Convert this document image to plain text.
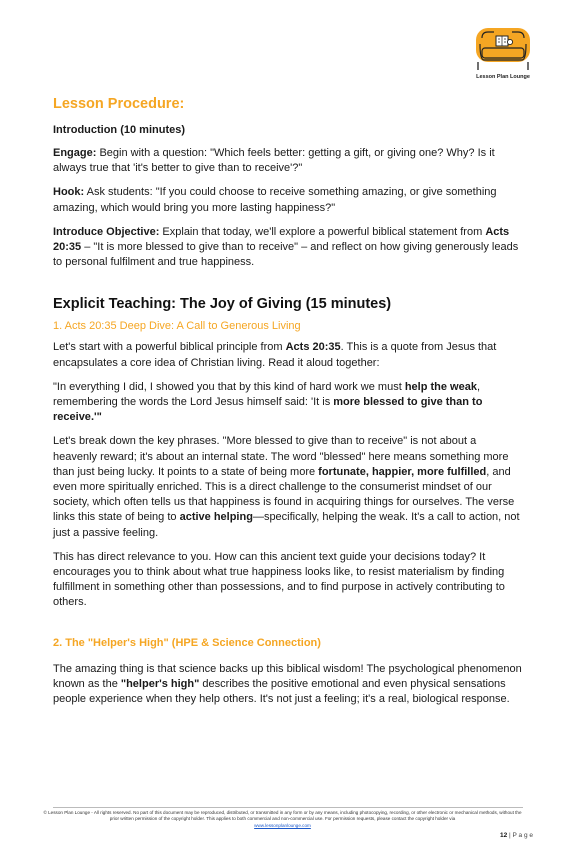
Lesson Plan Lounge
Lesson Procedure:
Introduction (10 minutes)

Engage: Begin with a question: "Which feels better: getting a gift, or giving one? Why? Is it always true that 'it's better to give than to receive'?"

Hook: Ask students: "If you could choose to receive something amazing, or give something amazing, which would bring you more lasting happiness?"

Introduce Objective: Explain that today, we'll explore a powerful biblical statement from Acts 20:35 – "It is more blessed to give than to receive" – and reflect on how giving generously leads to personal fulfilment and true happiness.

Explicit Teaching: The Joy of Giving (15 minutes)
1. Acts 20:35 Deep Dive: A Call to Generous Living

Let's start with a powerful biblical principle from Acts 20:35. This is a quote from Jesus that encapsulates a core idea of Christian living. Read it aloud together:

"In everything I did, I showed you that by this kind of hard work we must help the weak, remembering the words the Lord Jesus himself said: 'It is more blessed to give than to receive.'"

Let's break down the key phrases. "More blessed to give than to receive" is not about a heavenly reward; it's about an internal state. The word "blessed" here means something more than just being lucky. It points to a state of being more fortunate, happier, more fulfilled, and even more spiritually enriched. This is a direct challenge to the consumerist mindset of our society, which often tells us that happiness is found in acquiring things for ourselves. The verse links this state of being to active helping—specifically, helping the weak. It's a call to action, not just a passive feeling.

This has direct relevance to you. How can this ancient text guide your decisions today? It encourages you to think about what true happiness looks like, to resist materialism by finding fulfillment in something other than possessions, and to find purpose in actively contributing to others.

2. The "Helper's High" (HPE & Science Connection)

The amazing thing is that science backs up this biblical wisdom! The psychological phenomenon known as the "helper's high" describes the positive emotional and even physical sensations people experience when they help others. It's not just a feeling; it's a real, biological response.

© Lesson Plan Lounge - All rights reserved. No part of this document may be reproduced, distributed, or transmitted in any form or by any means, including photocopying, recording, or other electronic or mechanical methods, without the prior written permission of the copyright holder. This applies to both commercial and non-commercial use. For permission requests, please contact the copyright holder via
www.lessonplanlounge.com
12 | P a g e
